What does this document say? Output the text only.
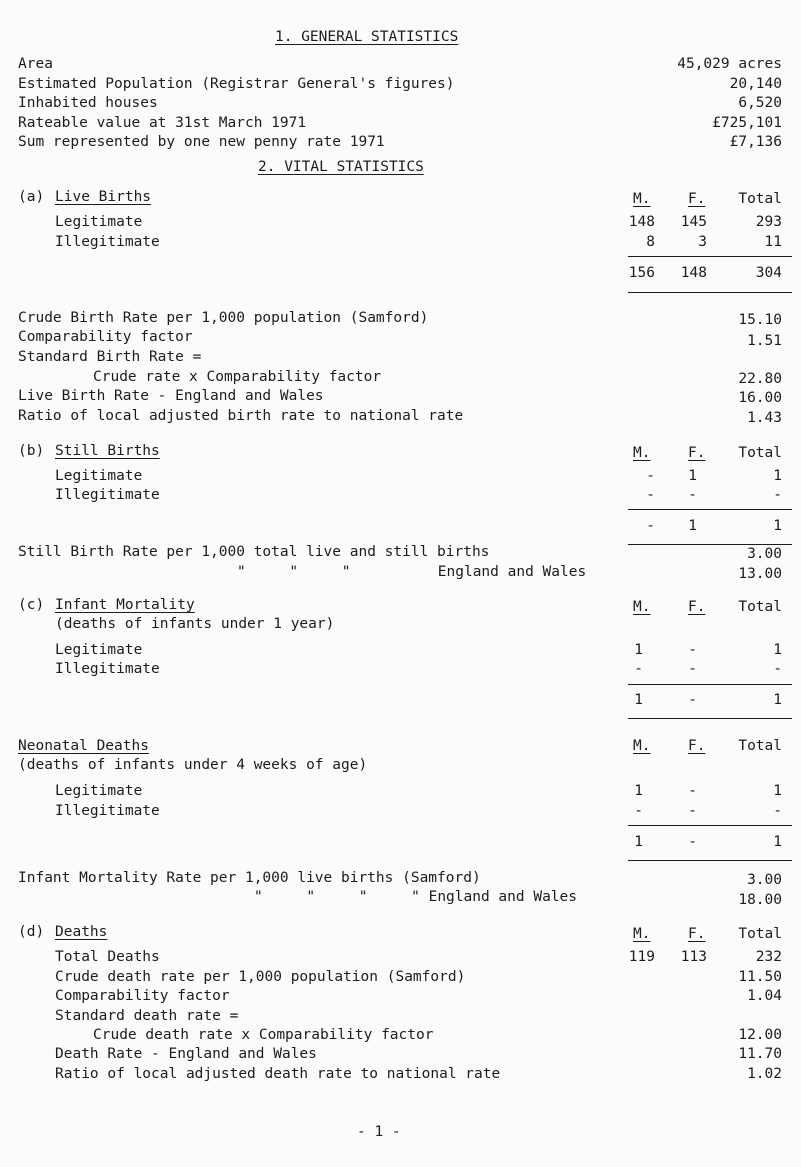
1. GENERAL STATISTICS
Area	45,029 acres
Estimated Population (Registrar General's figures)	20,140
Inhabited houses	6,520
Rateable value at 31st March 1971	£725,101
Sum represented by one new penny rate 1971	£7,136
2. VITAL STATISTICS
(a) Live Births	M.	F. Total
Legitimate	148 145	293
Illegitimate	8	3	11
156 148	304
Crude Birth Rate per 1,000 population (Samford)	15.10
Comparability factor	1.51
Standard Birth Rate =
Crude rate x Comparability factor	22.80
Live Birth Rate - England and Wales	16.00
Ratio of local adjusted birth rate to national rate	1.43
(b) Still Births	M.	F. Total
Legitimate	- 1	1
Illegitimate	- -	-
- 1	1
Still Birth Rate per 1,000 total live and still births	3.00
"     "     "          England and Wales	13.00
(c) Infant Mortality	M.	F. Total
(deaths of infants under 1 year)
Legitimate	1	-	1
Illegitimate	-	-	-
1	-	1
Neonatal Deaths	M.	F. Total
(deaths of infants under 4 weeks of age)
Legitimate	1	-	1
Illegitimate	-	-	-
1	-	1
Infant Mortality Rate per 1,000 live births (Samford)	3.00
"     "     "     " England and Wales	18.00
(d) Deaths	M.	F. Total
Total Deaths	119 113	232
Crude death rate per 1,000 population (Samford)	11.50
Comparability factor	1.04
Standard death rate =
Crude death rate x Comparability factor	12.00
Death Rate - England and Wales	11.70
Ratio of local adjusted death rate to national rate	1.02
- 1 -
